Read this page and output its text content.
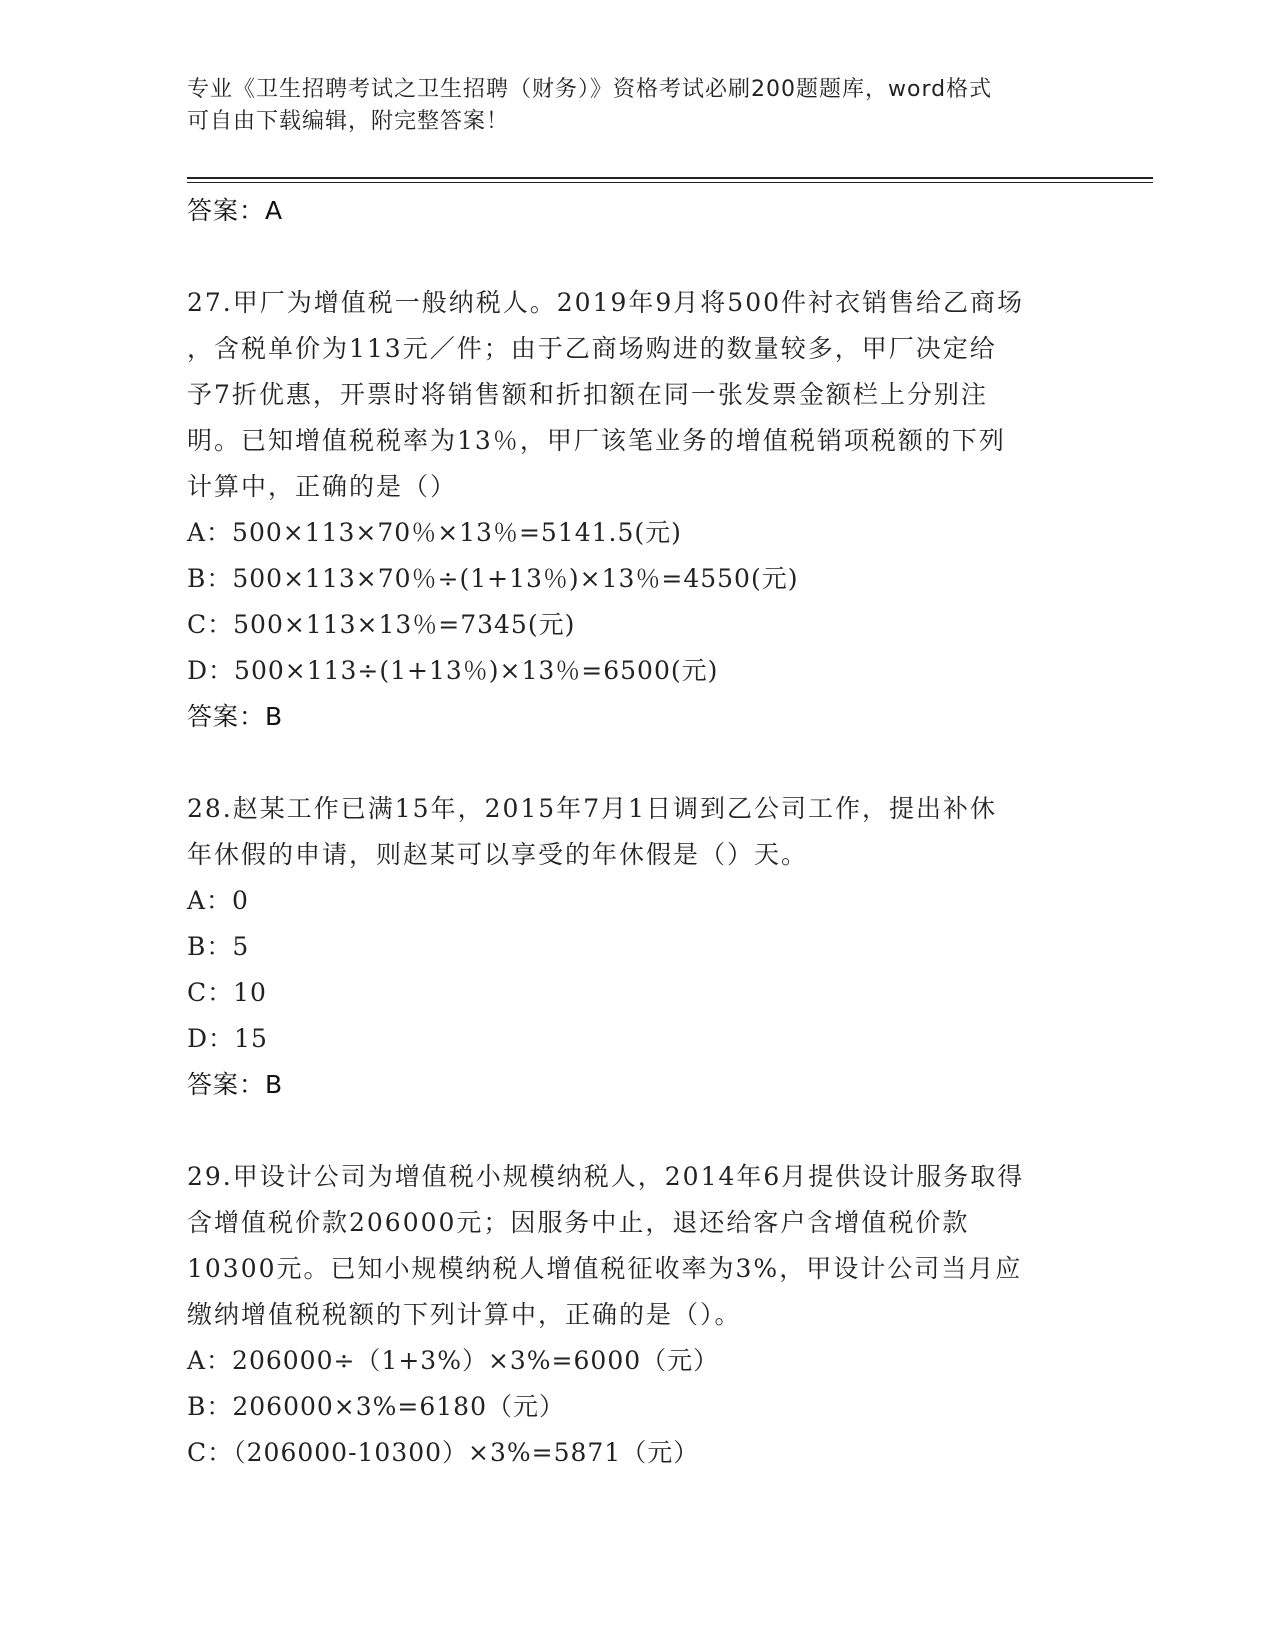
专业《卫生招聘考试之卫生招聘（财务）》资格考试必刷200题题库，word格式
可自由下载编辑，附完整答案！
答案：A
27.甲厂为增值税一般纳税人。2019年9月将500件衬衣销售给乙商场
，含税单价为113元／件；由于乙商场购进的数量较多，甲厂决定给
予7折优惠，开票时将销售额和折扣额在同一张发票金额栏上分别注
明。已知增值税税率为13％，甲厂该笔业务的增值税销项税额的下列
计算中，正确的是（）
A：500×113×70％×13％=5141.5(元)
B：500×113×70％÷(1+13％)×13％=4550(元)
C：500×113×13％=7345(元)
D：500×113÷(1+13％)×13％=6500(元)
答案：B
28.赵某工作已满15年，2015年7月1日调到乙公司工作，提出补休
年休假的申请，则赵某可以享受的年休假是（）天。
A：0
B：5
C：10
D：15
答案：B
29.甲设计公司为增值税小规模纳税人，2014年6月提供设计服务取得
含增值税价款206000元；因服务中止，退还给客户含增值税价款
10300元。已知小规模纳税人增值税征收率为3%，甲设计公司当月应
缴纳增值税税额的下列计算中，正确的是（）。
A：206000÷（1+3%）×3%=6000（元）
B：206000×3%=6180（元）
C：（206000-10300）×3%=5871（元）
